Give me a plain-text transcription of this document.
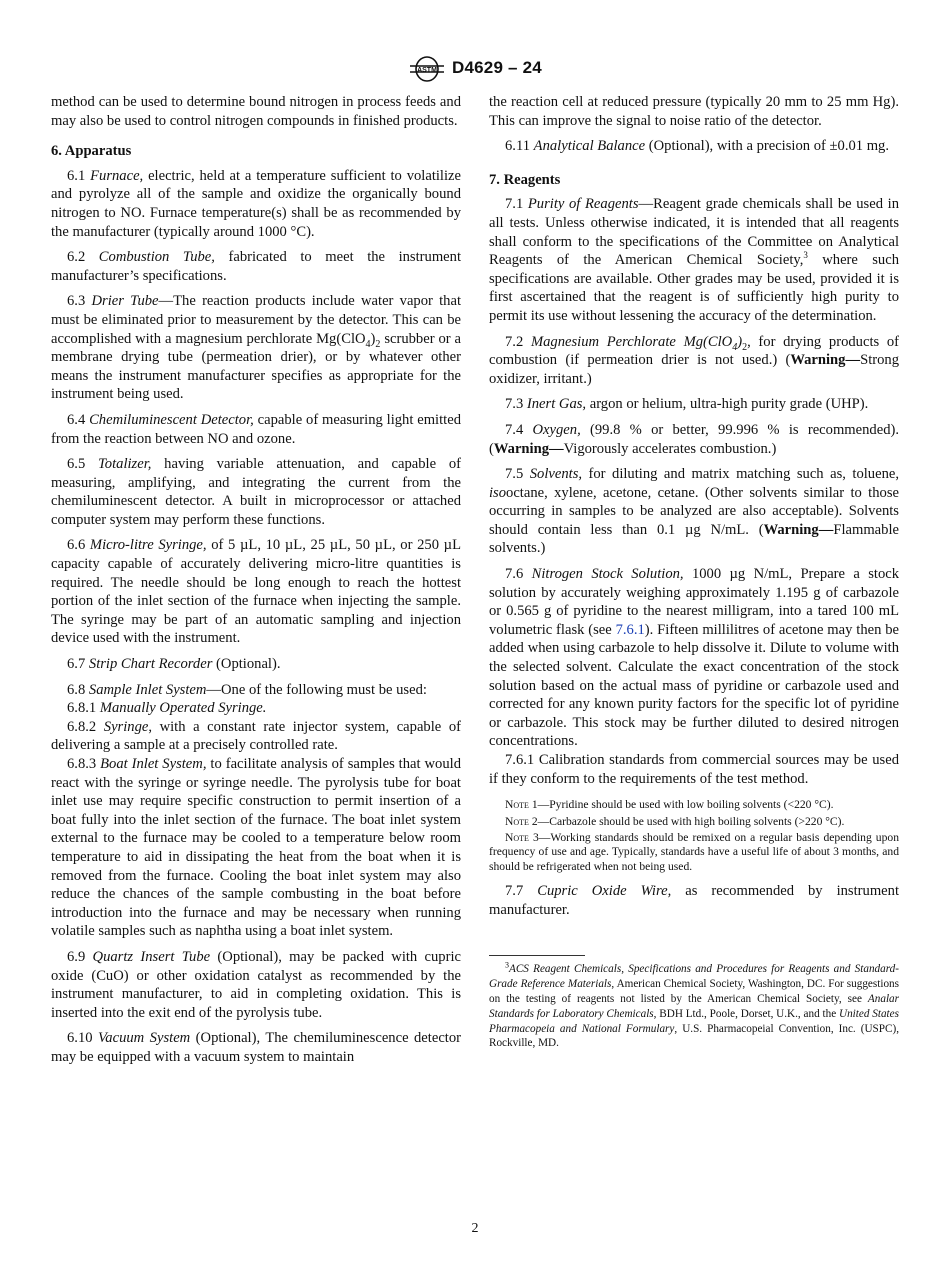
ASTM D4629 – 24

method can be used to determine bound nitrogen in process feeds and may also be used to control nitrogen compounds in finished products.

6. Apparatus

6.1 Furnace, electric, held at a temperature sufficient to volatilize and pyrolyze all of the sample and oxidize the organically bound nitrogen to NO. Furnace temperature(s) shall be as recommended by the manufacturer (typically around 1000 °C).

6.2 Combustion Tube, fabricated to meet the instrument manufacturer’s specifications.

6.3 Drier Tube—The reaction products include water vapor that must be eliminated prior to measurement by the detector. This can be accomplished with a magnesium perchlorate $Mg(ClO_4)_2$ scrubber or a membrane drying tube (permeation drier), or by whatever other means the instrument manufacturer specifies as appropriate for the instrument being used.

6.4 Chemiluminescent Detector, capable of measuring light emitted from the reaction between NO and ozone.

6.5 Totalizer, having variable attenuation, and capable of measuring, amplifying, and integrating the current from the chemiluminescent detector. A built in microprocessor or attached computer system may perform these functions.

6.6 Micro-litre Syringe, of 5 µL, 10 µL, 25 µL, 50 µL, or 250 µL capacity capable of accurately delivering micro-litre quantities is required. The needle should be long enough to reach the hottest portion of the inlet section of the furnace when injecting the sample. The syringe may be part of an automatic sampling and injection device used with the instrument.

6.7 Strip Chart Recorder (Optional).

6.8 Sample Inlet System—One of the following must be used:

6.8.1 Manually Operated Syringe.

6.8.2 Syringe, with a constant rate injector system, capable of delivering a sample at a precisely controlled rate.

6.8.3 Boat Inlet System, to facilitate analysis of samples that would react with the syringe or syringe needle. The pyrolysis tube for boat inlet use may require specific construction to permit insertion of a boat fully into the inlet section of the furnace. The boat inlet system external to the furnace may be cooled to a temperature below room temperature to aid in dissipating the heat from the boat when it is removed from the furnace. Cooling the boat inlet system may also reduce the chances of the sample combusting in the boat before introduction into the furnace and may be necessary when running volatile samples such as naphtha using a boat inlet system.

6.9 Quartz Insert Tube (Optional), may be packed with cupric oxide (CuO) or other oxidation catalyst as recommended by the instrument manufacturer, to aid in completing oxidation. This is inserted into the exit end of the pyrolysis tube.

6.10 Vacuum System (Optional), The chemiluminescence detector may be equipped with a vacuum system to maintain

the reaction cell at reduced pressure (typically 20 mm to 25 mm Hg). This can improve the signal to noise ratio of the detector.

6.11 Analytical Balance (Optional), with a precision of ±0.01 mg.

7. Reagents

7.1 Purity of Reagents—Reagent grade chemicals shall be used in all tests. Unless otherwise indicated, it is intended that all reagents shall conform to the specifications of the Committee on Analytical Reagents of the American Chemical Society,$^3$ where such specifications are available. Other grades may be used, provided it is first ascertained that the reagent is of sufficiently high purity to permit its use without lessening the accuracy of the determination.

7.2 Magnesium Perchlorate $Mg(ClO_4)_2$, for drying products of combustion (if permeation drier is not used.) (Warning—Strong oxidizer, irritant.)

7.3 Inert Gas, argon or helium, ultra-high purity grade (UHP).

7.4 Oxygen, (99.8 % or better, 99.996 % is recommended). (Warning—Vigorously accelerates combustion.)

7.5 Solvents, for diluting and matrix matching such as, toluene, isooctane, xylene, acetone, cetane. (Other solvents similar to those occurring in samples to be analyzed are also acceptable). Solvents should contain less than 0.1 µg N/mL. (Warning—Flammable solvents.)

7.6 Nitrogen Stock Solution, 1000 µg N/mL, Prepare a stock solution by accurately weighing approximately 1.195 g of carbazole or 0.565 g of pyridine to the nearest milligram, into a tared 100 mL volumetric flask (see 7.6.1). Fifteen millilitres of acetone may then be added when using carbazole to help dissolve it. Dilute to volume with the selected solvent. Calculate the exact concentration of the stock solution based on the actual mass of pyridine or carbazole used and corrected for any known purity factors for the specific lot of pyridine or carbazole. This stock may be further diluted to desired nitrogen concentrations.

7.6.1 Calibration standards from commercial sources may be used if they conform to the requirements of the test method.

Note 1—Pyridine should be used with low boiling solvents (<220 °C).

Note 2—Carbazole should be used with high boiling solvents (>220 °C).

Note 3—Working standards should be remixed on a regular basis depending upon frequency of use and age. Typically, standards have a useful life of about 3 months, and should be refrigerated when not being used.

7.7 Cupric Oxide Wire, as recommended by instrument manufacturer.

$^3$ACS Reagent Chemicals, Specifications and Procedures for Reagents and Standard-Grade Reference Materials, American Chemical Society, Washington, DC. For suggestions on the testing of reagents not listed by the American Chemical Society, see Analar Standards for Laboratory Chemicals, BDH Ltd., Poole, Dorset, U.K., and the United States Pharmacopeia and National Formulary, U.S. Pharmacopeial Convention, Inc. (USPC), Rockville, MD.

2
